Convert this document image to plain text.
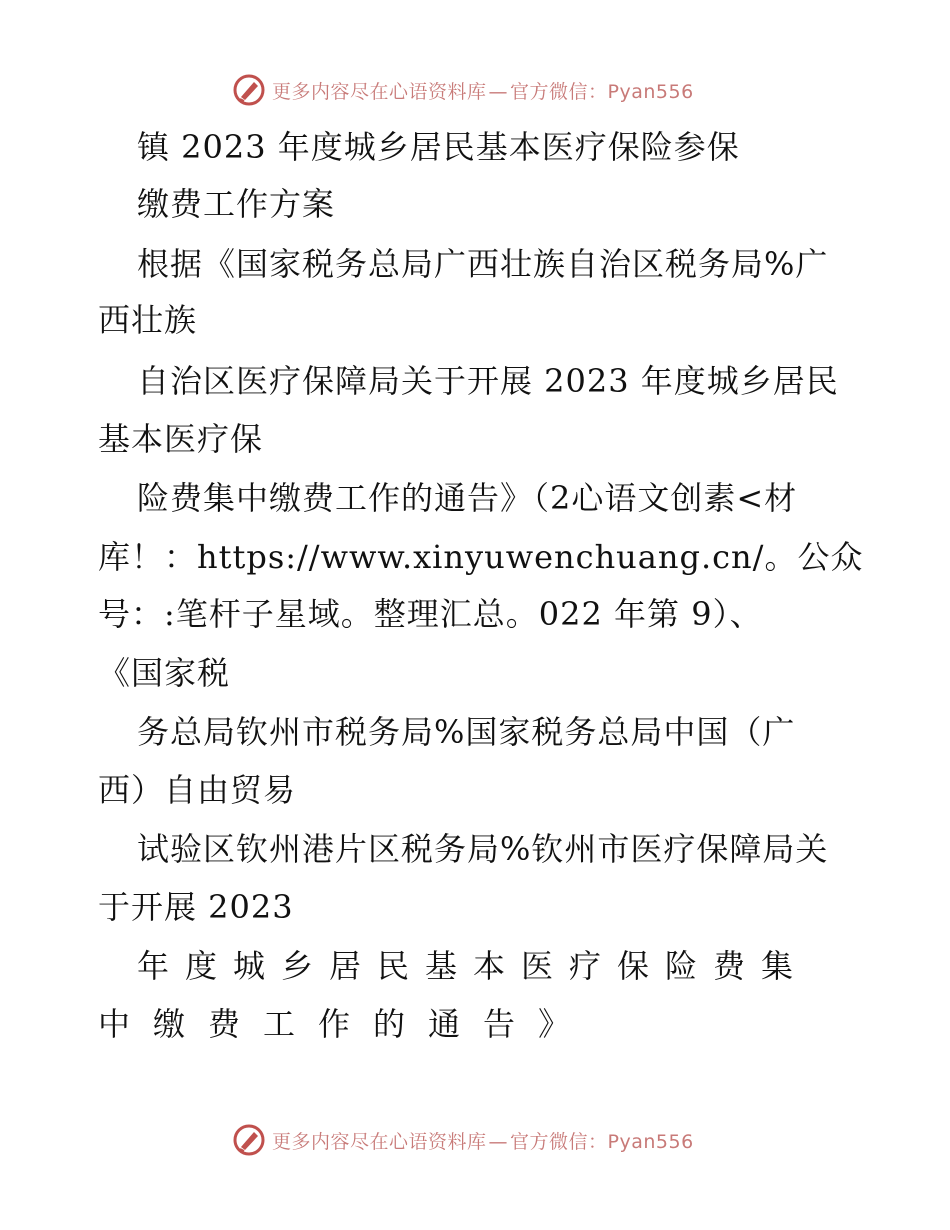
更多内容尽在心语资料库 — 官方微信：Pyan556
镇 2023 年度城乡居民基本医疗保险参保
缴费工作方案
根据《国家税务总局广西壮族自治区税务局%广
西壮族
自治区医疗保障局关于开展 2023 年度城乡居民
基本医疗保
险费集中缴费工作的通告》（2心语文创素<材
库！：https://www.xinyuwenchuang.cn/。公众
号：:笔杆子星域。整理汇总。022 年第 9）、
《国家税
务总局钦州市税务局%国家税务总局中国（广
西）自由贸易
试验区钦州港片区税务局%钦州市医疗保障局关
于开展 2023
年度城乡居民基本医疗保险费集
中缴费工作的通告》
更多内容尽在心语资料库 — 官方微信：Pyan556
